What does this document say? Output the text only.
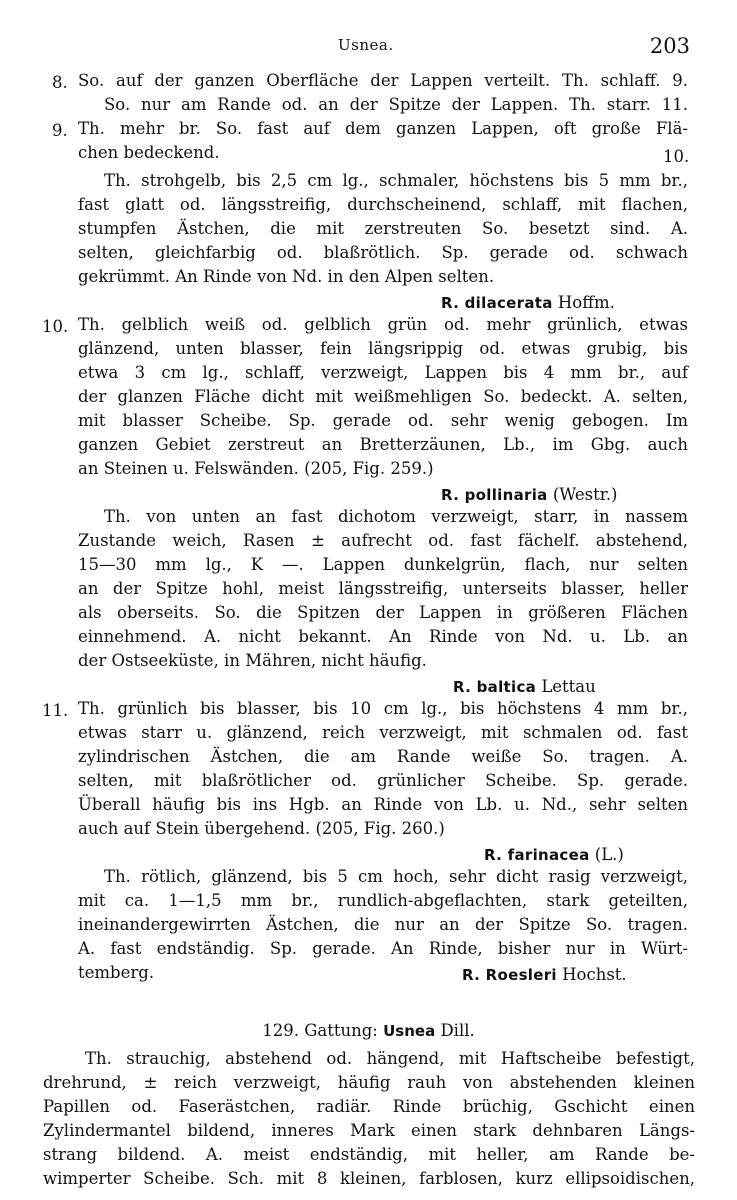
Usnea.	203
8. So. auf der ganzen Oberfläche der Lappen verteilt. Th. schlaff. 9.
So. nur am Rande od. an der Spitze der Lappen. Th. starr. 11.
9. Th. mehr br. So. fast auf dem ganzen Lappen, oft große Flä-
chen bedeckend.	10.
Th. strohgelb, bis 2,5 cm lg., schmaler, höchstens bis 5 mm br.,
fast glatt od. längsstreifig, durchscheinend, schlaff, mit flachen,
stumpfen Ästchen, die mit zerstreuten So. besetzt sind. A.
selten, gleichfarbig od. blaßrötlich. Sp. gerade od. schwach
gekrümmt. An Rinde von Nd. in den Alpen selten.
R. dilacerata Hoffm.
10. Th. gelblich weiß od. gelblich grün od. mehr grünlich, etwas
glänzend, unten blasser, fein längsrippig od. etwas grubig, bis
etwa 3 cm lg., schlaff, verzweigt, Lappen bis 4 mm br., auf
der glanzen Fläche dicht mit weißmehligen So. bedeckt. A. selten,
mit blasser Scheibe. Sp. gerade od. sehr wenig gebogen. Im
ganzen Gebiet zerstreut an Bretterzäunen, Lb., im Gbg. auch
an Steinen u. Felswänden. (205, Fig. 259.)
R. pollinaria (Westr.)
Th. von unten an fast dichotom verzweigt, starr, in nassem
Zustande weich, Rasen ± aufrecht od. fast fächelf. abstehend,
15—30 mm lg., K —. Lappen dunkelgrün, flach, nur selten
an der Spitze hohl, meist längsstreifig, unterseits blasser, heller
als oberseits. So. die Spitzen der Lappen in größeren Flächen
einnehmend. A. nicht bekannt. An Rinde von Nd. u. Lb. an
der Ostseeküste, in Mähren, nicht häufig.
R. baltica Lettau
11. Th. grünlich bis blasser, bis 10 cm lg., bis höchstens 4 mm br.,
etwas starr u. glänzend, reich verzweigt, mit schmalen od. fast
zylindrischen Ästchen, die am Rande weiße So. tragen. A.
selten, mit blaßrötlicher od. grünlicher Scheibe. Sp. gerade.
Überall häufig bis ins Hgb. an Rinde von Lb. u. Nd., sehr selten
auch auf Stein übergehend. (205, Fig. 260.)
R. farinacea (L.)
Th. rötlich, glänzend, bis 5 cm hoch, sehr dicht rasig verzweigt,
mit ca. 1—1,5 mm br., rundlich-abgeflachten, stark geteilten,
ineinandergewirrten Ästchen, die nur an der Spitze So. tragen.
A. fast endständig. Sp. gerade. An Rinde, bisher nur in Würt-
temberg.	R. Roesleri Hochst.
129. Gattung: Usnea Dill.
Th. strauchig, abstehend od. hängend, mit Haftscheibe befestigt,
drehrund, ± reich verzweigt, häufig rauh von abstehenden kleinen
Papillen od. Faserästchen, radiär. Rinde brüchig, Gschicht einen
Zylindermantel bildend, inneres Mark einen stark dehnbaren Längs-
strang bildend. A. meist endständig, mit heller, am Rande be-
wimperter Scheibe. Sch. mit 8 kleinen, farblosen, kurz ellipsoidischen,
